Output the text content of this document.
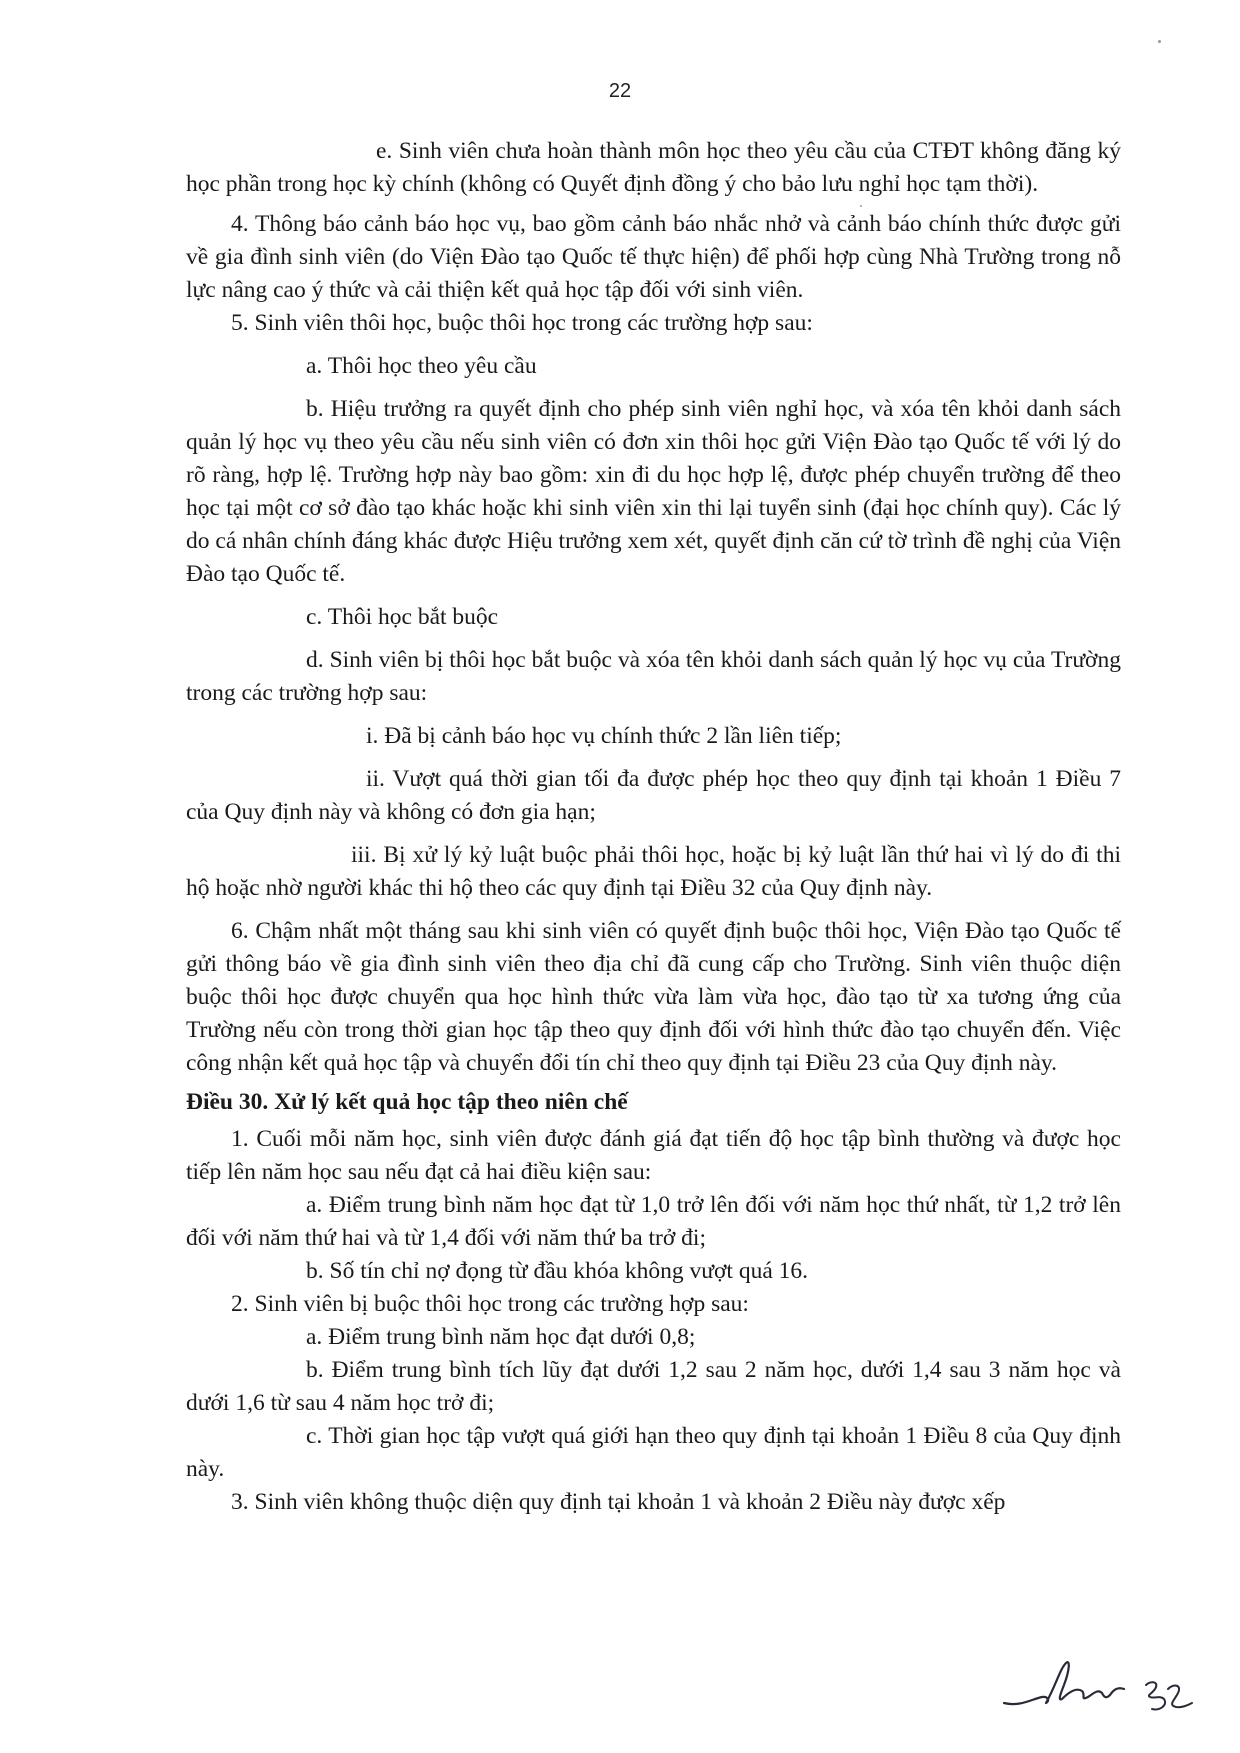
22

e. Sinh viên chưa hoàn thành môn học theo yêu cầu của CTĐT không đăng ký học phần trong học kỳ chính (không có Quyết định đồng ý cho bảo lưu nghỉ học tạm thời).

4. Thông báo cảnh báo học vụ, bao gồm cảnh báo nhắc nhở và cảnh báo chính thức được gửi về gia đình sinh viên (do Viện Đào tạo Quốc tế thực hiện) để phối hợp cùng Nhà Trường trong nỗ lực nâng cao ý thức và cải thiện kết quả học tập đối với sinh viên.

5. Sinh viên thôi học, buộc thôi học trong các trường hợp sau:

a. Thôi học theo yêu cầu

b. Hiệu trưởng ra quyết định cho phép sinh viên nghỉ học, và xóa tên khỏi danh sách quản lý học vụ theo yêu cầu nếu sinh viên có đơn xin thôi học gửi Viện Đào tạo Quốc tế với lý do rõ ràng, hợp lệ. Trường hợp này bao gồm: xin đi du học hợp lệ, được phép chuyển trường để theo học tại một cơ sở đào tạo khác hoặc khi sinh viên xin thi lại tuyển sinh (đại học chính quy). Các lý do cá nhân chính đáng khác được Hiệu trưởng xem xét, quyết định căn cứ tờ trình đề nghị của Viện Đào tạo Quốc tế.

c. Thôi học bắt buộc

d. Sinh viên bị thôi học bắt buộc và xóa tên khỏi danh sách quản lý học vụ của Trường trong các trường hợp sau:

i. Đã bị cảnh báo học vụ chính thức 2 lần liên tiếp;

ii. Vượt quá thời gian tối đa được phép học theo quy định tại khoản 1 Điều 7 của Quy định này và không có đơn gia hạn;

iii. Bị xử lý kỷ luật buộc phải thôi học, hoặc bị kỷ luật lần thứ hai vì lý do đi thi hộ hoặc nhờ người khác thi hộ theo các quy định tại Điều 32 của Quy định này.

6. Chậm nhất một tháng sau khi sinh viên có quyết định buộc thôi học, Viện Đào tạo Quốc tế gửi thông báo về gia đình sinh viên theo địa chỉ đã cung cấp cho Trường. Sinh viên thuộc diện buộc thôi học được chuyển qua học hình thức vừa làm vừa học, đào tạo từ xa tương ứng của Trường nếu còn trong thời gian học tập theo quy định đối với hình thức đào tạo chuyển đến. Việc công nhận kết quả học tập và chuyển đổi tín chỉ theo quy định tại Điều 23 của Quy định này.

Điều 30. Xử lý kết quả học tập theo niên chế

1. Cuối mỗi năm học, sinh viên được đánh giá đạt tiến độ học tập bình thường và được học tiếp lên năm học sau nếu đạt cả hai điều kiện sau:

a. Điểm trung bình năm học đạt từ 1,0 trở lên đối với năm học thứ nhất, từ 1,2 trở lên đối với năm thứ hai và từ 1,4 đối với năm thứ ba trở đi;

b. Số tín chỉ nợ đọng từ đầu khóa không vượt quá 16.

2. Sinh viên bị buộc thôi học trong các trường hợp sau:

a. Điểm trung bình năm học đạt dưới 0,8;

b. Điểm trung bình tích lũy đạt dưới 1,2 sau 2 năm học, dưới 1,4 sau 3 năm học và dưới 1,6 từ sau 4 năm học trở đi;

c. Thời gian học tập vượt quá giới hạn theo quy định tại khoản 1 Điều 8 của Quy định này.

3. Sinh viên không thuộc diện quy định tại khoản 1 và khoản 2 Điều này được xếp
